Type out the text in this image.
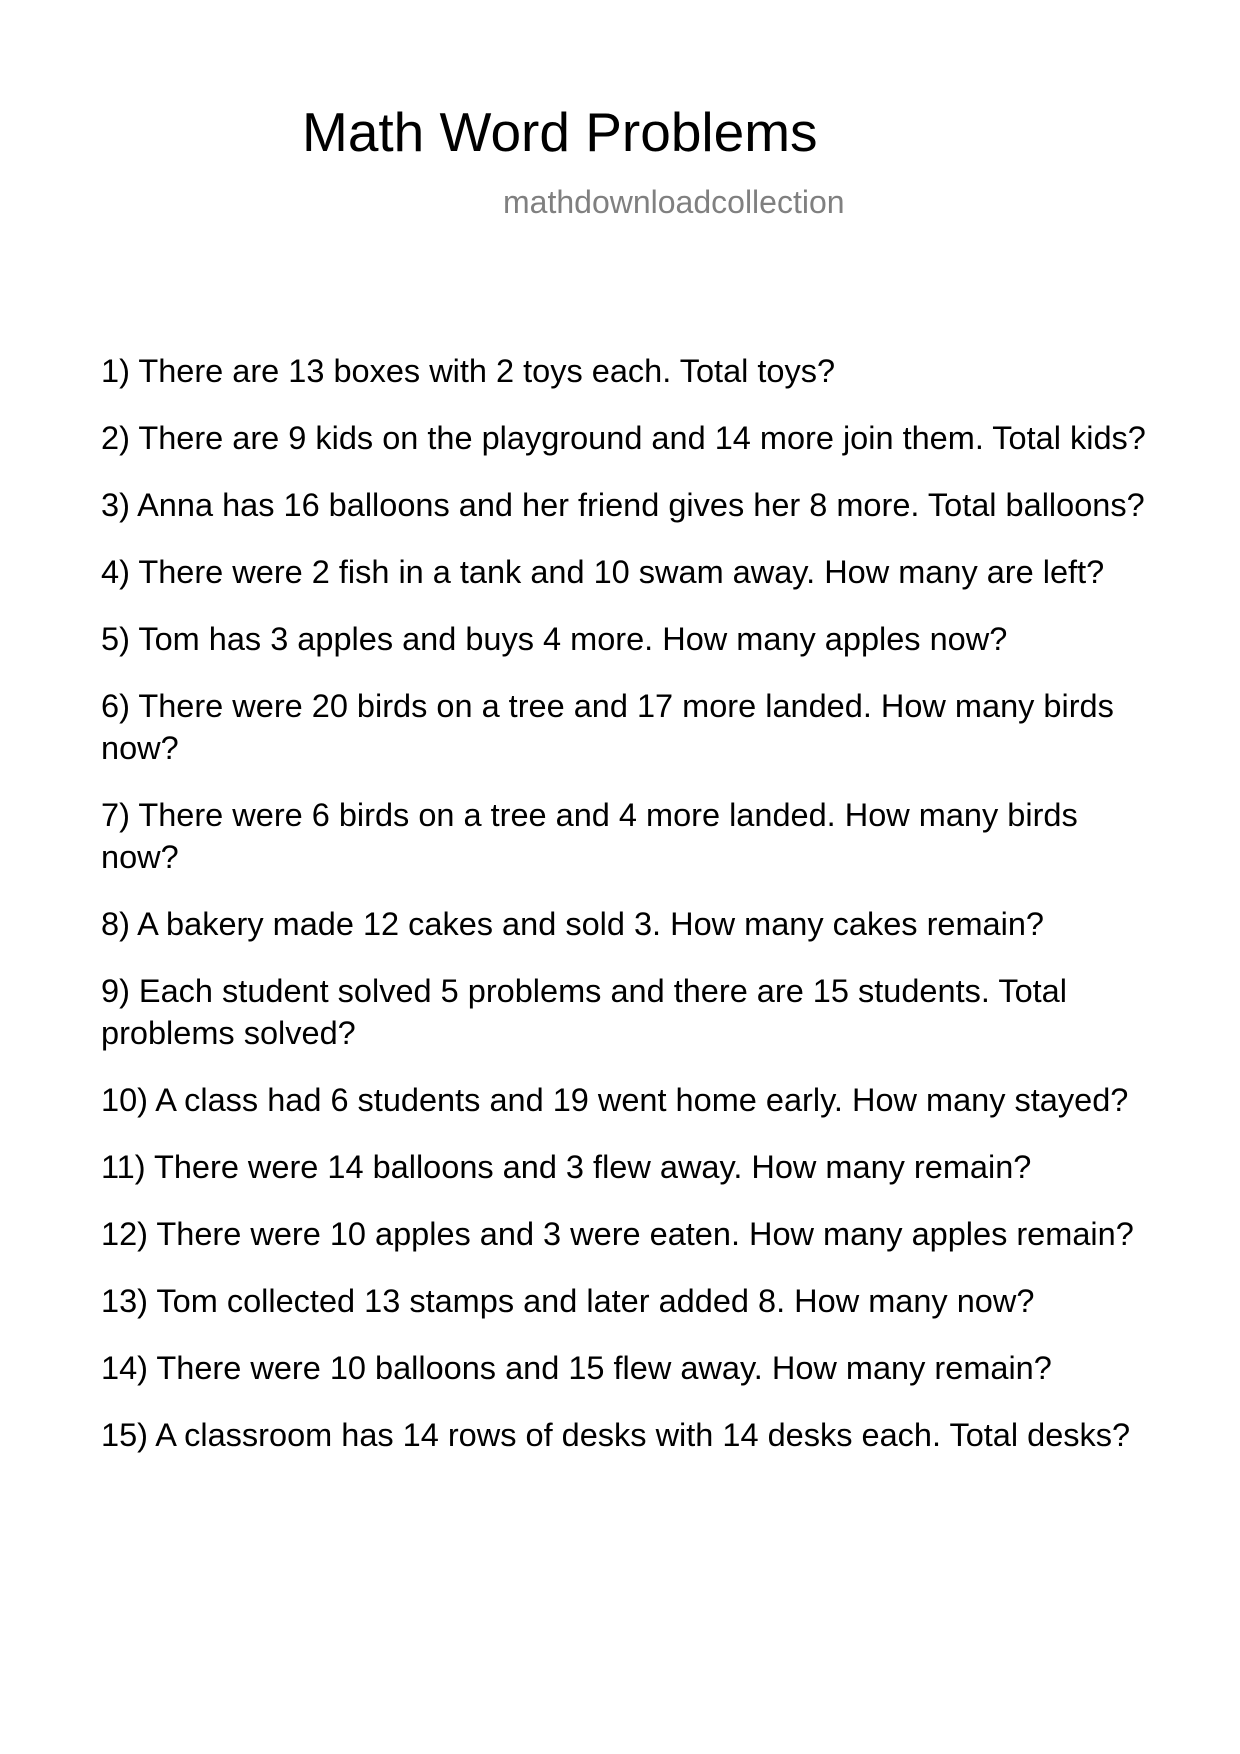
Math Word Problems
mathdownloadcollection
1) There are 13 boxes with 2 toys each. Total toys?
2) There are 9 kids on the playground and 14 more join them. Total kids?
3) Anna has 16 balloons and her friend gives her 8 more. Total balloons?
4) There were 2 fish in a tank and 10 swam away. How many are left?
5) Tom has 3 apples and buys 4 more. How many apples now?
6) There were 20 birds on a tree and 17 more landed. How many birds now?
7) There were 6 birds on a tree and 4 more landed. How many birds now?
8) A bakery made 12 cakes and sold 3. How many cakes remain?
9) Each student solved 5 problems and there are 15 students. Total problems solved?
10) A class had 6 students and 19 went home early. How many stayed?
11) There were 14 balloons and 3 flew away. How many remain?
12) There were 10 apples and 3 were eaten. How many apples remain?
13) Tom collected 13 stamps and later added 8. How many now?
14) There were 10 balloons and 15 flew away. How many remain?
15) A classroom has 14 rows of desks with 14 desks each. Total desks?
